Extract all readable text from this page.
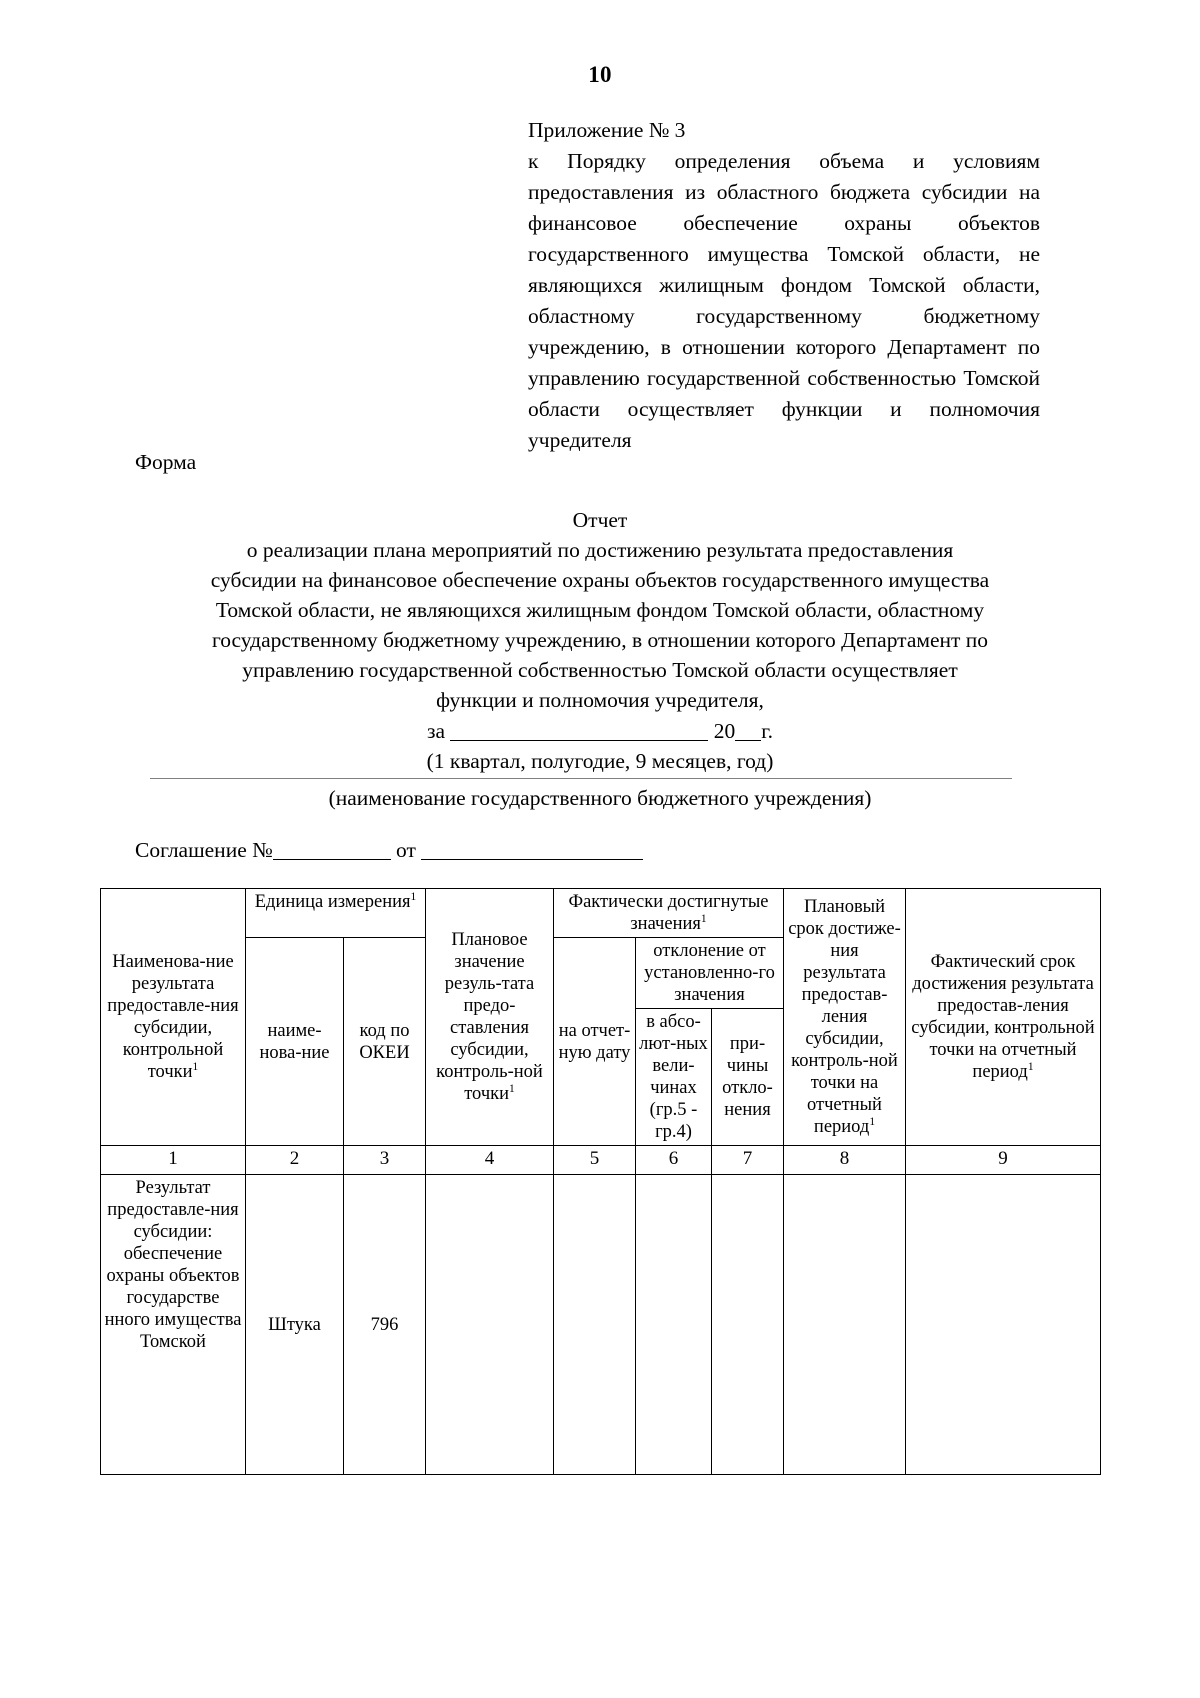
10
Приложение № 3
к Порядку определения объема и условиям предоставления из областного бюджета субсидии на финансовое обеспечение охраны объектов государственного имущества Томской области, не являющихся жилищным фондом Томской области, областному государственному бюджетному учреждению, в отношении которого Департамент по управлению государственной собственностью Томской области осуществляет функции и полномочия учредителя
Форма
Отчет
о реализации плана мероприятий по достижению результата предоставления
субсидии на финансовое обеспечение охраны объектов государственного имущества
Томской области, не являющихся жилищным фондом Томской области, областному
государственному бюджетному учреждению, в отношении которого Департамент по
управлению государственной собственностью Томской области осуществляет
функции и полномочия учредителя,
за	20 г.
(1 квартал, полугодие, 9 месяцев, год)
(наименование государственного бюджетного учреждения)
Соглашение №	от
Наименова-ние результата предоставле-ния субсидии, контрольной точки$^1$	Единица измерения$^1$		Плановое значение резуль-тата предо-ставления субсидии, контроль-ной точки$^1$	Фактически достигнутые значения$^1$			Плановый срок достиже-ния результата предостав-ления субсидии, контроль-ной точки на отчетный период$^1$	Фактический срок достижения результата предостав-ления субсидии, контрольной точки на отчетный период$^1$
	наиме-нова-ние	код по ОКЕИ		на отчет-ную дату	отклонение от установленно-го значения			
					в абсо-лют-ных вели-чинах (гр.5 - гр.4)	при-чины откло-нения		

1	2	3	4	5	6	7	8	9
Результат предоставле-ния субсидии: обеспечение охраны объектов государстве нного имущества Томской	Штука	796						
